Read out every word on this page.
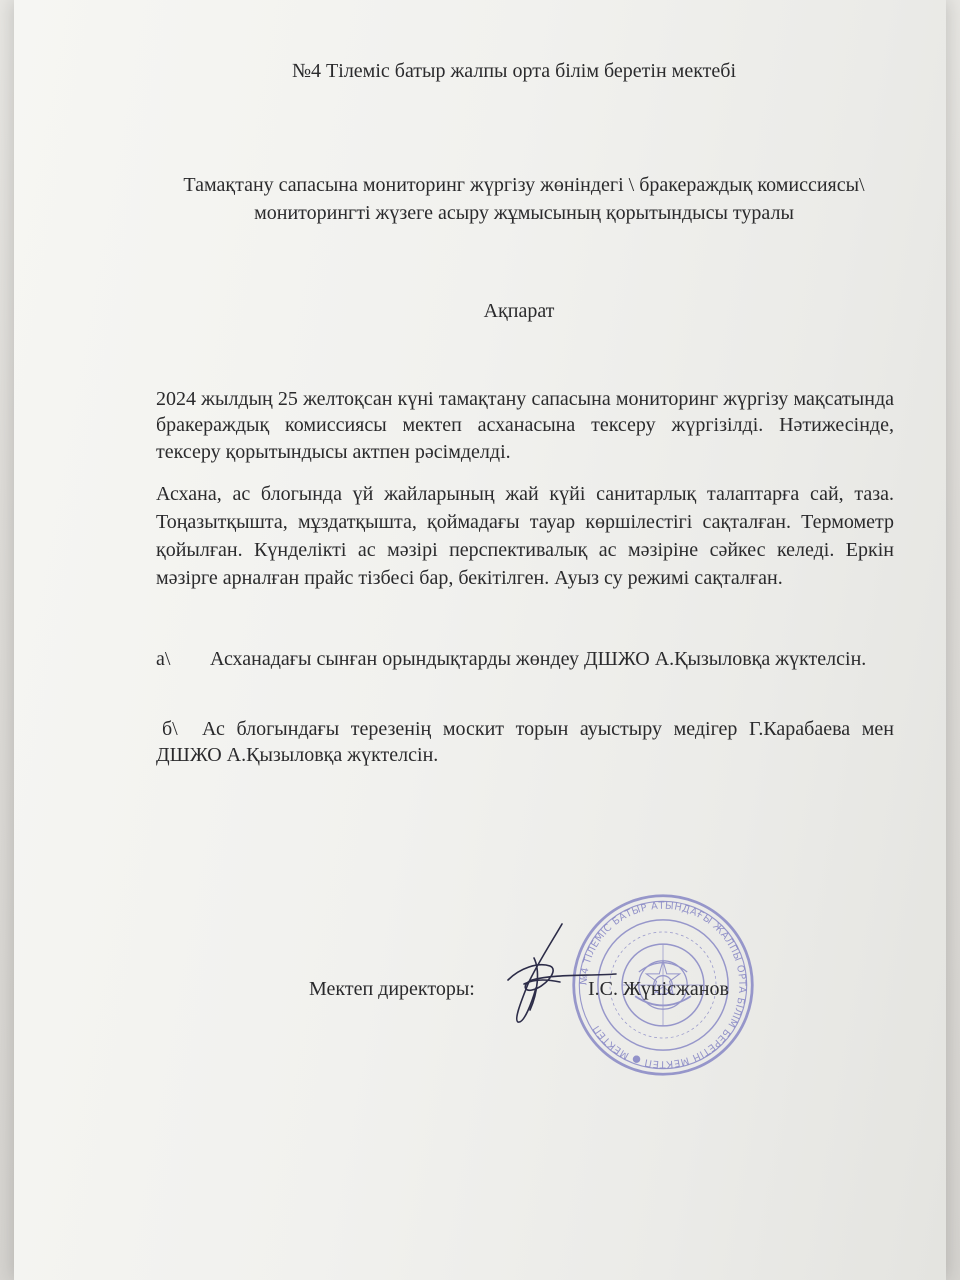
№4 Тілеміс батыр жалпы орта білім беретін мектебі
Тамақтану сапасына мониторинг жүргізу жөніндегі \ бракераждық комиссиясы\ мониторингті жүзеге асыру жұмысының қорытындысы туралы
Ақпарат
2024 жылдың 25 желтоқсан күні тамақтану сапасына мониторинг жүргізу мақсатында бракераждық комиссиясы мектеп асханасына тексеру жүргізілді. Нәтижесінде, тексеру қорытындысы актпен рәсімделді.
Асхана, ас блогында үй жайларының жай күйі санитарлық талаптарға сай, таза. Тоңазытқышта, мұздатқышта, қоймадағы тауар көршілестігі сақталған. Термометр қойылған. Күнделікті ас мәзірі перспективалық ас мәзіріне сәйкес келеді. Еркін мәзірге арналған прайс тізбесі бар, бекітілген. Ауыз су режимі сақталған.
а\ Асханадағы сынған орындықтарды жөндеу ДШЖО А.Қызыловқа жүктелсін.
б\ Ас блогындағы терезенің москит торын ауыстыру медігер Г.Карабаева мен ДШЖО А.Қызыловқа жүктелсін.
№4 ТІЛЕМІС БАТЫР АТЫНДАҒЫ ЖАЛПЫ ОРТА БІЛІМ БЕРЕТІН МЕКТЕП ● МЕКТЕП
Мектеп директоры:	І.С. Жүнісжанов
